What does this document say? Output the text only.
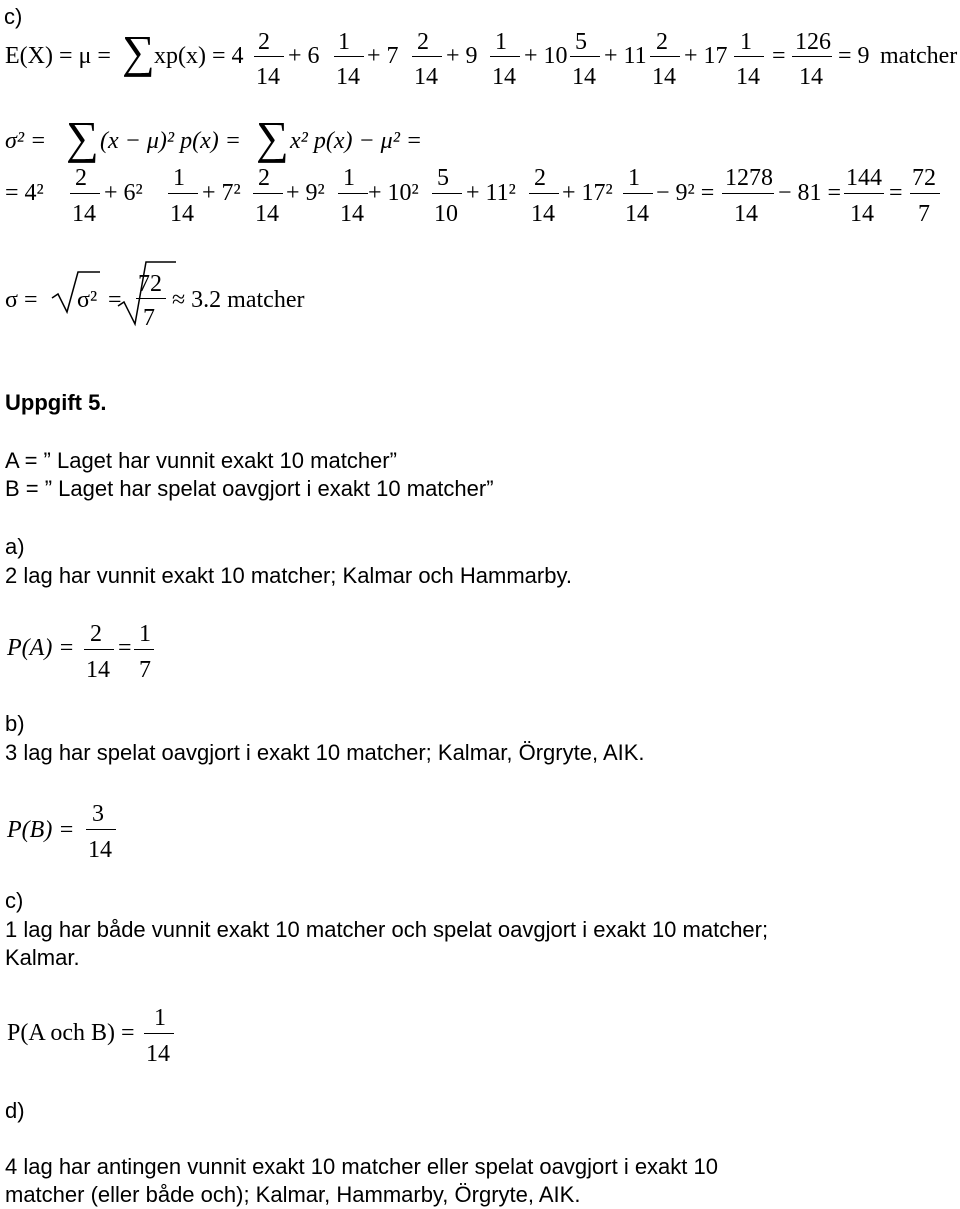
c)
E(X) = μ = ∑ xp(x) = 4
2
14
+ 6
1
14
+ 7
2
14
+ 9
1
14
+ 10
5
14
+ 11
2
14
+ 17
1
14
=
126
14
= 9 matcher
σ² = ∑ (x − μ)² p(x) = ∑ x² p(x) − μ² =
= 4²
2
14
+ 6²
1
14
+ 7²
2
14
+ 9²
1
14
+ 10²
5
10
+ 11²
2
14
+ 17²
1
14
− 9² =
1278
14
− 81 =
144
14
=
72
7
σ = σ² =
72
7
≈ 3.2 matcher
Uppgift 5.
A = ” Laget har vunnit exakt 10 matcher”
B = ” Laget har spelat oavgjort i exakt 10 matcher”
a)
2 lag har vunnit exakt 10 matcher; Kalmar och Hammarby.
P(A) =
2
14
=
1
7
b)
3 lag har spelat oavgjort i exakt 10 matcher; Kalmar, Örgryte, AIK.
P(B) =
3
14
c)
1 lag har både vunnit exakt 10 matcher och spelat oavgjort i exakt 10 matcher;
Kalmar.
P(A och B) =
1
14
d)
4 lag har antingen vunnit exakt 10 matcher eller spelat oavgjort i exakt 10
matcher (eller både och); Kalmar, Hammarby, Örgryte, AIK.
